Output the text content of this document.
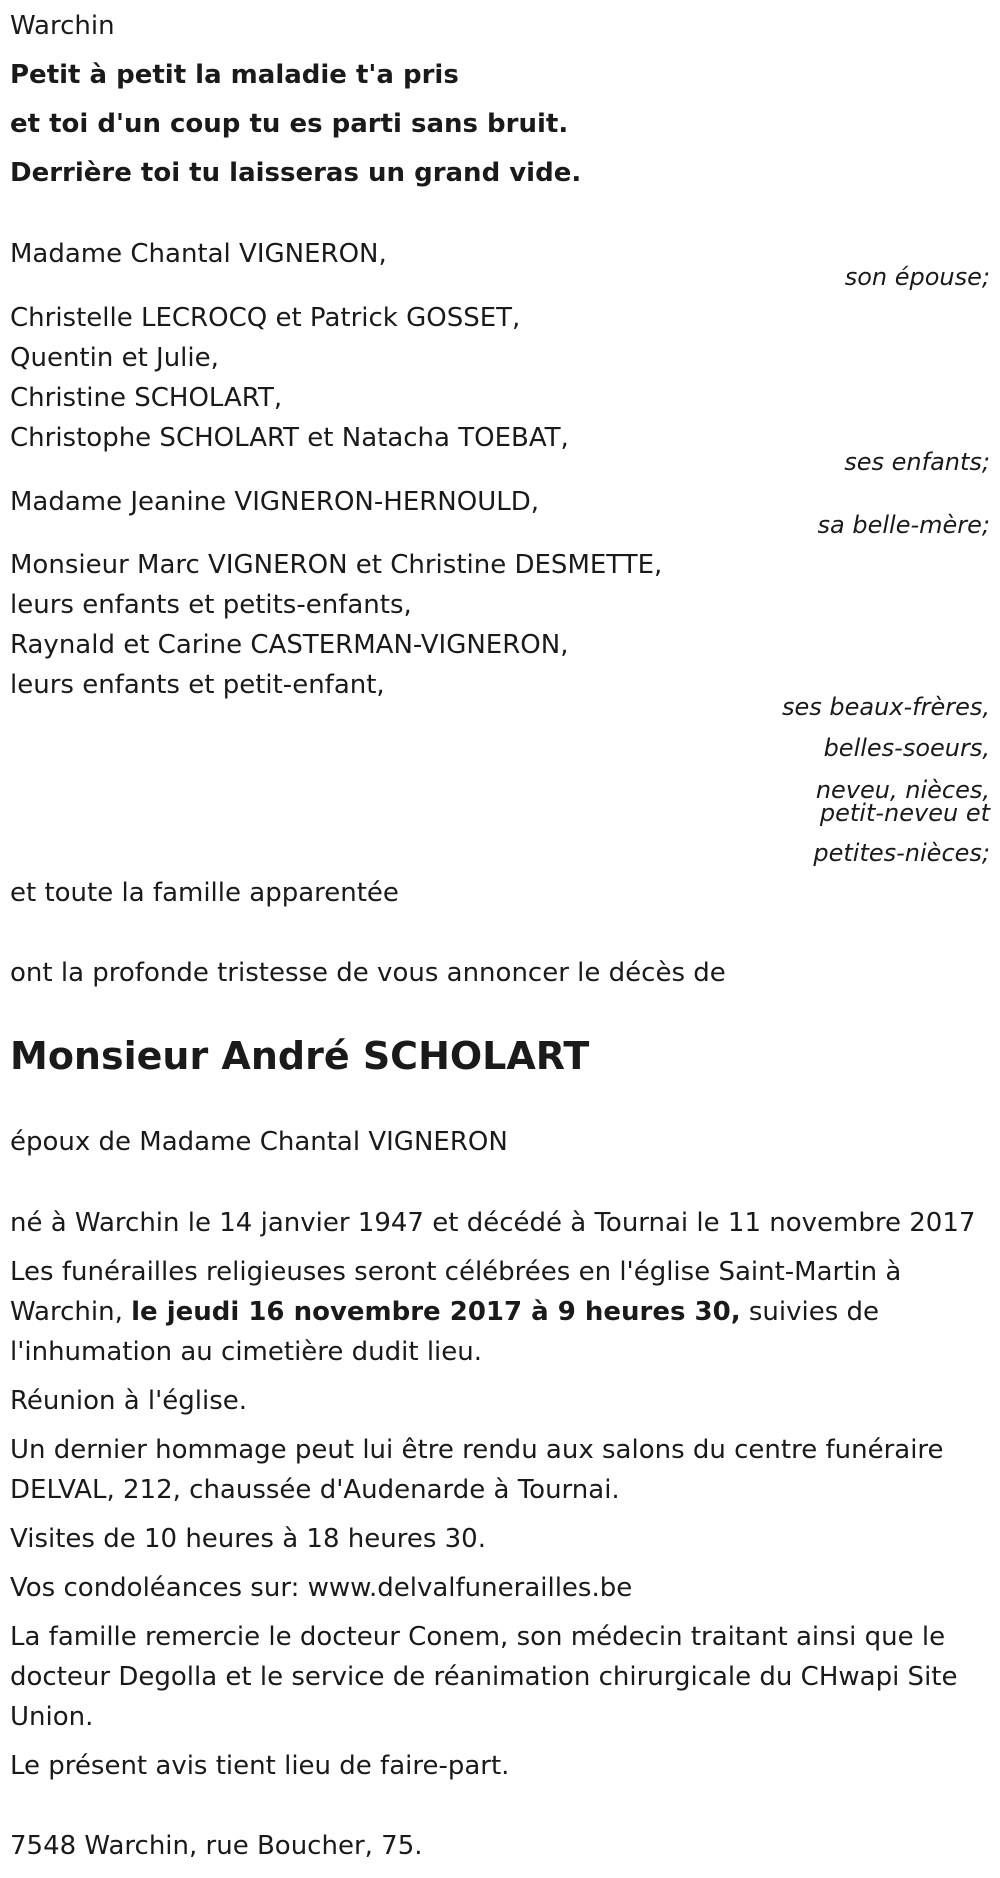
Warchin
Petit à petit la maladie t'a pris
et toi d'un coup tu es parti sans bruit.
Derrière toi tu laisseras un grand vide.
Madame Chantal VIGNERON,
son épouse;
Christelle LECROCQ et Patrick GOSSET,
Quentin et Julie,
Christine SCHOLART,
Christophe SCHOLART et Natacha TOEBAT,
ses enfants;
Madame Jeanine VIGNERON-HERNOULD,
sa belle-mère;
Monsieur Marc VIGNERON et Christine DESMETTE,
leurs enfants et petits-enfants,
Raynald et Carine CASTERMAN-VIGNERON,
leurs enfants et petit-enfant,
ses beaux-frères,
belles-soeurs,
neveu, nièces,
petit-neveu et
petites-nièces;
et toute la famille apparentée
ont la profonde tristesse de vous annoncer le décès de
Monsieur André SCHOLART
époux de Madame Chantal VIGNERON
né à Warchin le 14 janvier 1947 et décédé à Tournai le 11 novembre 2017
Les funérailles religieuses seront célébrées en l'église Saint-Martin à
Warchin, le jeudi 16 novembre 2017 à 9 heures 30, suivies de
l'inhumation au cimetière dudit lieu.
Réunion à l'église.
Un dernier hommage peut lui être rendu aux salons du centre funéraire
DELVAL, 212, chaussée d'Audenarde à Tournai.
Visites de 10 heures à 18 heures 30.
Vos condoléances sur: www.delvalfunerailles.be
La famille remercie le docteur Conem, son médecin traitant ainsi que le
docteur Degolla et le service de réanimation chirurgicale du CHwapi Site
Union.
Le présent avis tient lieu de faire-part.
7548 Warchin, rue Boucher, 75.
